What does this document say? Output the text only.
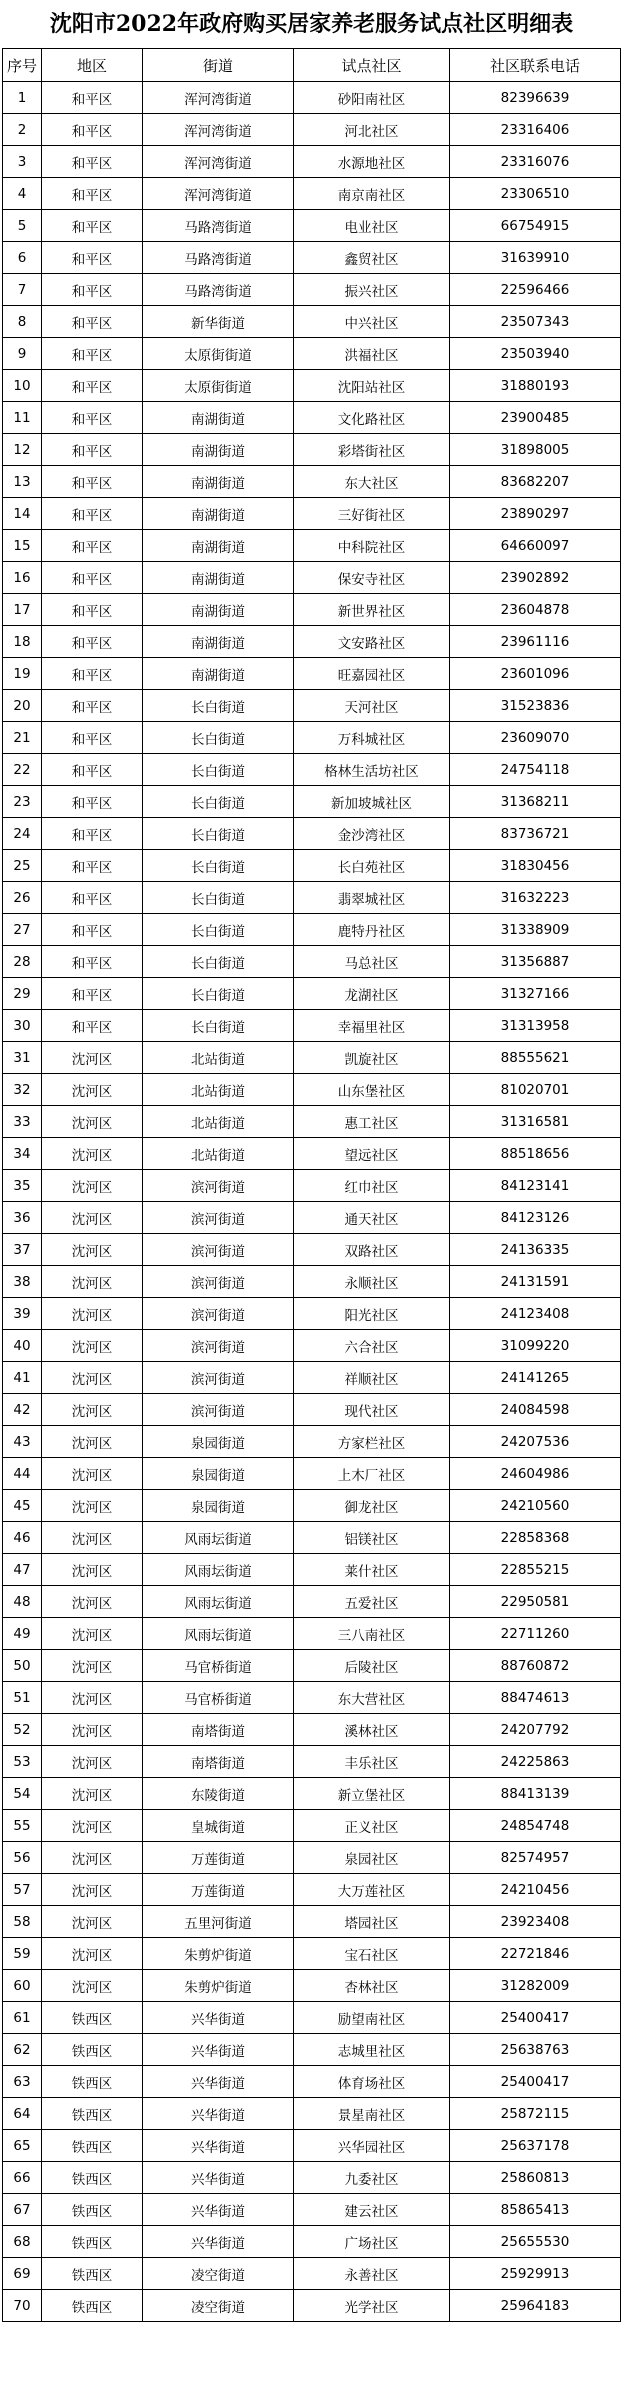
沈阳市2022年政府购买居家养老服务试点社区明细表
序号	地区	街道	试点社区	社区联系电话
1	和平区	浑河湾街道	砂阳南社区	82396639
2	和平区	浑河湾街道	河北社区	23316406
3	和平区	浑河湾街道	水源地社区	23316076
4	和平区	浑河湾街道	南京南社区	23306510
5	和平区	马路湾街道	电业社区	66754915
6	和平区	马路湾街道	鑫贸社区	31639910
7	和平区	马路湾街道	振兴社区	22596466
8	和平区	新华街道	中兴社区	23507343
9	和平区	太原街街道	洪福社区	23503940
10	和平区	太原街街道	沈阳站社区	31880193
11	和平区	南湖街道	文化路社区	23900485
12	和平区	南湖街道	彩塔街社区	31898005
13	和平区	南湖街道	东大社区	83682207
14	和平区	南湖街道	三好街社区	23890297
15	和平区	南湖街道	中科院社区	64660097
16	和平区	南湖街道	保安寺社区	23902892
17	和平区	南湖街道	新世界社区	23604878
18	和平区	南湖街道	文安路社区	23961116
19	和平区	南湖街道	旺嘉园社区	23601096
20	和平区	长白街道	天河社区	31523836
21	和平区	长白街道	万科城社区	23609070
22	和平区	长白街道	格林生活坊社区	24754118
23	和平区	长白街道	新加坡城社区	31368211
24	和平区	长白街道	金沙湾社区	83736721
25	和平区	长白街道	长白苑社区	31830456
26	和平区	长白街道	翡翠城社区	31632223
27	和平区	长白街道	鹿特丹社区	31338909
28	和平区	长白街道	马总社区	31356887
29	和平区	长白街道	龙湖社区	31327166
30	和平区	长白街道	幸福里社区	31313958
31	沈河区	北站街道	凯旋社区	88555621
32	沈河区	北站街道	山东堡社区	81020701
33	沈河区	北站街道	惠工社区	31316581
34	沈河区	北站街道	望远社区	88518656
35	沈河区	滨河街道	红巾社区	84123141
36	沈河区	滨河街道	通天社区	84123126
37	沈河区	滨河街道	双路社区	24136335
38	沈河区	滨河街道	永顺社区	24131591
39	沈河区	滨河街道	阳光社区	24123408
40	沈河区	滨河街道	六合社区	31099220
41	沈河区	滨河街道	祥顺社区	24141265
42	沈河区	滨河街道	现代社区	24084598
43	沈河区	泉园街道	方家栏社区	24207536
44	沈河区	泉园街道	上木厂社区	24604986
45	沈河区	泉园街道	御龙社区	24210560
46	沈河区	风雨坛街道	铝镁社区	22858368
47	沈河区	风雨坛街道	莱什社区	22855215
48	沈河区	风雨坛街道	五爱社区	22950581
49	沈河区	风雨坛街道	三八南社区	22711260
50	沈河区	马官桥街道	后陵社区	88760872
51	沈河区	马官桥街道	东大营社区	88474613
52	沈河区	南塔街道	溪林社区	24207792
53	沈河区	南塔街道	丰乐社区	24225863
54	沈河区	东陵街道	新立堡社区	88413139
55	沈河区	皇城街道	正义社区	24854748
56	沈河区	万莲街道	泉园社区	82574957
57	沈河区	万莲街道	大万莲社区	24210456
58	沈河区	五里河街道	塔园社区	23923408
59	沈河区	朱剪炉街道	宝石社区	22721846
60	沈河区	朱剪炉街道	杏林社区	31282009
61	铁西区	兴华街道	励望南社区	25400417
62	铁西区	兴华街道	志城里社区	25638763
63	铁西区	兴华街道	体育场社区	25400417
64	铁西区	兴华街道	景星南社区	25872115
65	铁西区	兴华街道	兴华园社区	25637178
66	铁西区	兴华街道	九委社区	25860813
67	铁西区	兴华街道	建云社区	85865413
68	铁西区	兴华街道	广场社区	25655530
69	铁西区	凌空街道	永善社区	25929913
70	铁西区	凌空街道	光学社区	25964183
